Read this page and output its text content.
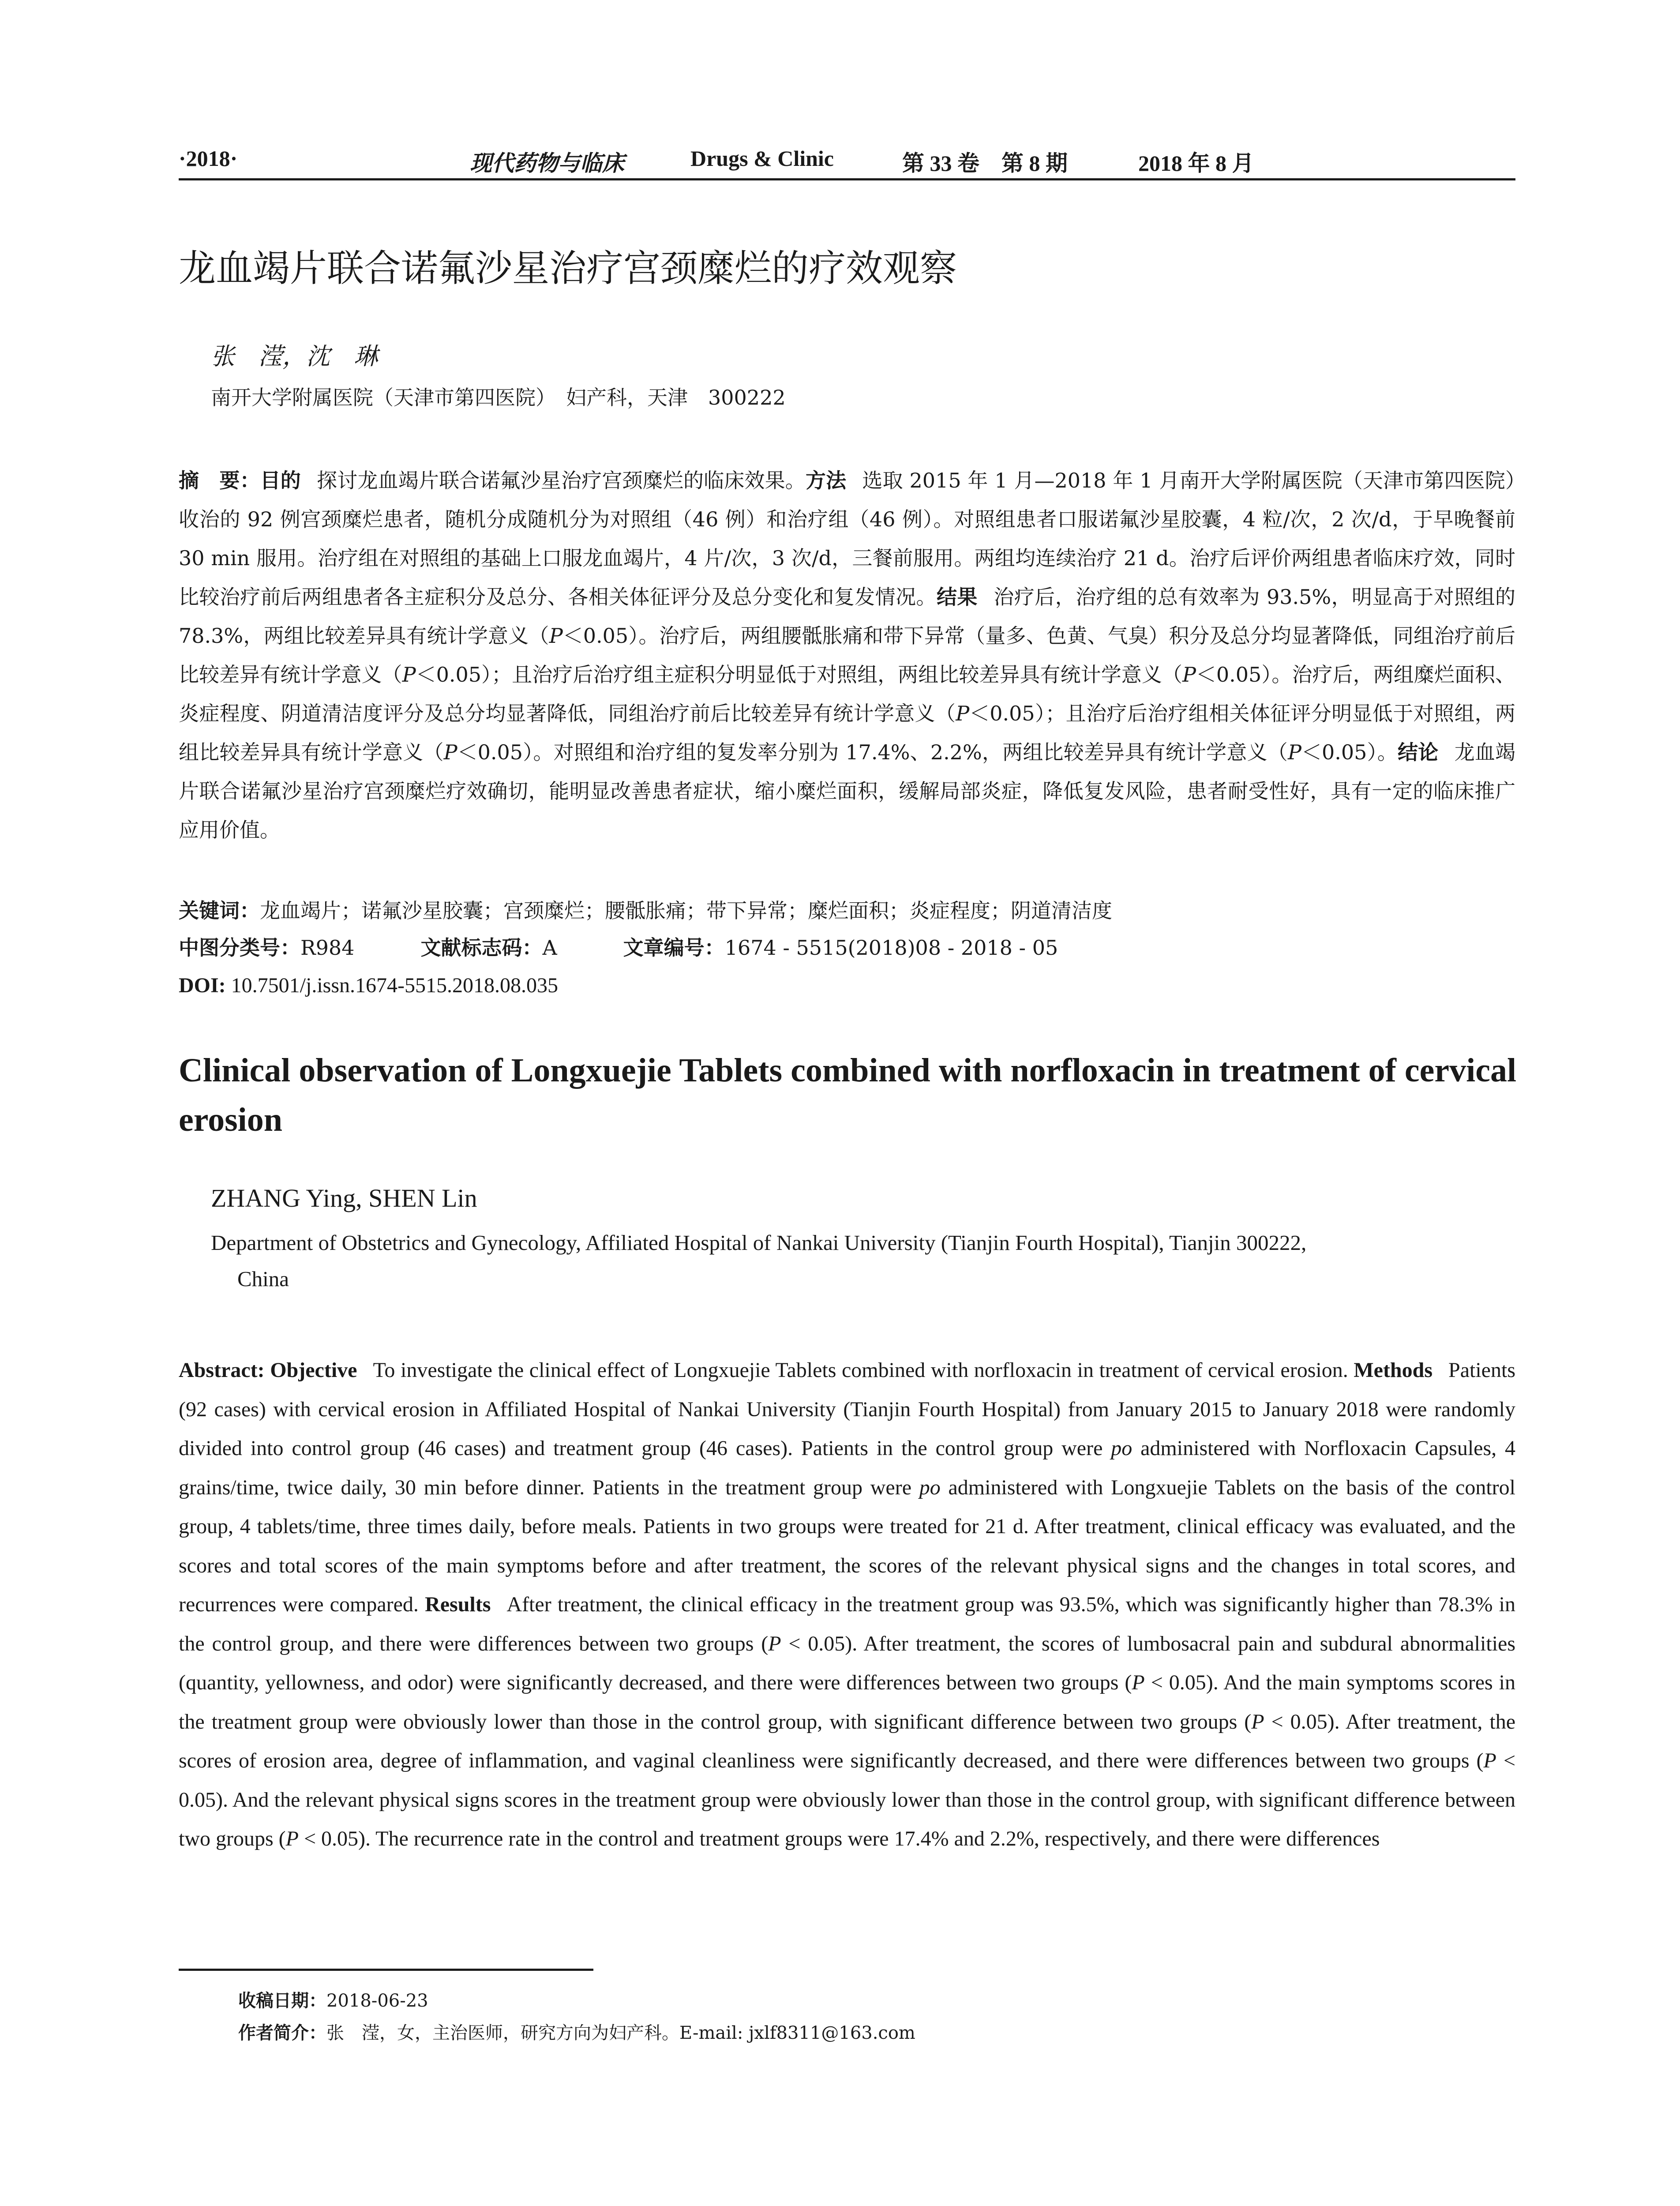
·2018·	现代药物与临床	Drugs & Clinic	第 33 卷　第 8 期	2018 年 8 月
龙血竭片联合诺氟沙星治疗宫颈糜烂的疗效观察

张　滢，沈　琳

南开大学附属医院（天津市第四医院）　妇产科，天津　300222

摘　要：目的 探讨龙血竭片联合诺氟沙星治疗宫颈糜烂的临床效果。方法 选取 2015 年 1 月—2018 年 1 月南开大学附属医院（天津市第四医院）收治的 92 例宫颈糜烂患者，随机分成随机分为对照组（46 例）和治疗组（46 例）。对照组患者口服诺氟沙星胶囊，4 粒/次，2 次/d，于早晚餐前 30 min 服用。治疗组在对照组的基础上口服龙血竭片，4 片/次，3 次/d，三餐前服用。两组均连续治疗 21 d。治疗后评价两组患者临床疗效，同时比较治疗前后两组患者各主症积分及总分、各相关体征评分及总分变化和复发情况。结果 治疗后，治疗组的总有效率为 93.5%，明显高于对照组的 78.3%，两组比较差异具有统计学意义（P＜0.05）。治疗后，两组腰骶胀痛和带下异常（量多、色黄、气臭）积分及总分均显著降低，同组治疗前后比较差异有统计学意义（P＜0.05）；且治疗后治疗组主症积分明显低于对照组，两组比较差异具有统计学意义（P＜0.05）。治疗后，两组糜烂面积、炎症程度、阴道清洁度评分及总分均显著降低，同组治疗前后比较差异有统计学意义（P＜0.05）；且治疗后治疗组相关体征评分明显低于对照组，两组比较差异具有统计学意义（P＜0.05）。对照组和治疗组的复发率分别为 17.4%、2.2%，两组比较差异具有统计学意义（P＜0.05）。结论 龙血竭片联合诺氟沙星治疗宫颈糜烂疗效确切，能明显改善患者症状，缩小糜烂面积，缓解局部炎症，降低复发风险，患者耐受性好，具有一定的临床推广应用价值。

关键词：龙血竭片；诺氟沙星胶囊；宫颈糜烂；腰骶胀痛；带下异常；糜烂面积；炎症程度；阴道清洁度

中图分类号：R984	文献标志码：A	文章编号：1674 - 5515(2018)08 - 2018 - 05

DOI: 10.7501/j.issn.1674-5515.2018.08.035

Clinical observation of Longxuejie Tablets combined with norfloxacin in treatment of cervical erosion

ZHANG Ying, SHEN Lin

Department of Obstetrics and Gynecology, Affiliated Hospital of Nankai University (Tianjin Fourth Hospital), Tianjin 300222,
China

Abstract: Objective To investigate the clinical effect of Longxuejie Tablets combined with norfloxacin in treatment of cervical erosion. Methods Patients (92 cases) with cervical erosion in Affiliated Hospital of Nankai University (Tianjin Fourth Hospital) from January 2015 to January 2018 were randomly divided into control group (46 cases) and treatment group (46 cases). Patients in the control group were po administered with Norfloxacin Capsules, 4 grains/time, twice daily, 30 min before dinner. Patients in the treatment group were po administered with Longxuejie Tablets on the basis of the control group, 4 tablets/time, three times daily, before meals. Patients in two groups were treated for 21 d. After treatment, clinical efficacy was evaluated, and the scores and total scores of the main symptoms before and after treatment, the scores of the relevant physical signs and the changes in total scores, and recurrences were compared. Results After treatment, the clinical efficacy in the treatment group was 93.5%, which was significantly higher than 78.3% in the control group, and there were differences between two groups (P < 0.05). After treatment, the scores of lumbosacral pain and subdural abnormalities (quantity, yellowness, and odor) were significantly decreased, and there were differences between two groups (P < 0.05). And the main symptoms scores in the treatment group were obviously lower than those in the control group, with significant difference between two groups (P < 0.05). After treatment, the scores of erosion area, degree of inflammation, and vaginal cleanliness were significantly decreased, and there were differences between two groups (P < 0.05). And the relevant physical signs scores in the treatment group were obviously lower than those in the control group, with significant difference between two groups (P < 0.05). The recurrence rate in the control and treatment groups were 17.4% and 2.2%, respectively, and there were differences

收稿日期：2018-06-23

作者简介：张　滢，女，主治医师，研究方向为妇产科。E-mail: jxlf8311@163.com
